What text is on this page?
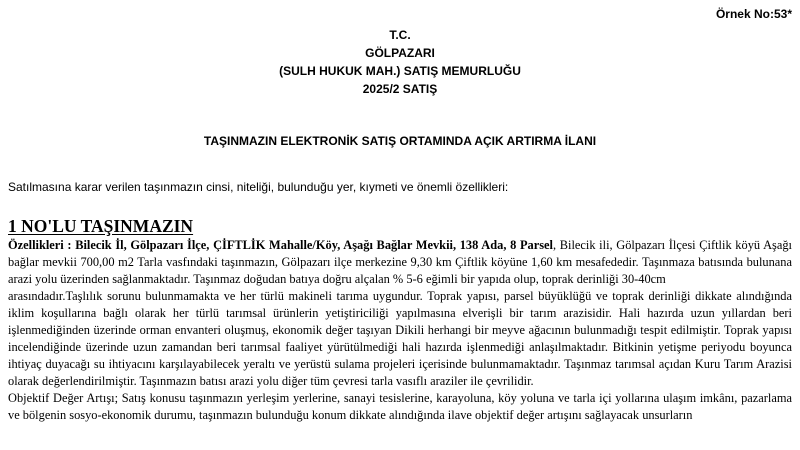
Örnek No:53*
T.C.
GÖLPAZARI
(SULH HUKUK MAH.) SATIŞ MEMURLUĞU
2025/2 SATIŞ
TAŞINMAZIN ELEKTRONİK SATIŞ ORTAMINDA AÇIK ARTIRMA İLANI
Satılmasına karar verilen taşınmazın cinsi, niteliği, bulunduğu yer, kıymeti ve önemli özellikleri:
1 NO'LU TAŞINMAZIN

Özellikleri : Bilecik İl, Gölpazarı İlçe, ÇİFTLİK Mahalle/Köy, Aşağı Bağlar Mevkii, 138 Ada, 8 Parsel, Bilecik ili, Gölpazarı İlçesi Çiftlik köyü Aşağı bağlar mevkii 700,00 m2 Tarla vasfındaki taşınmazın, Gölpazarı ilçe merkezine 9,30 km Çiftlik köyüne 1,60 km mesafededir. Taşınmaza batısında bulunana arazi yolu üzerinden sağlanmaktadır. Taşınmaz doğudan batıya doğru alçalan % 5-6 eğimli bir yapıda olup, toprak derinliği 30-40cm

arasındadır.Taşlılık sorunu bulunmamakta ve her türlü makineli tarıma uygundur. Toprak yapısı, parsel büyüklüğü ve toprak derinliği dikkate alındığında iklim koşullarına bağlı olarak her türlü tarımsal ürünlerin yetiştiriciliği yapılmasına elverişli bir tarım arazisidir. Hali hazırda uzun yıllardan beri işlenmediğinden üzerinde orman envanteri oluşmuş, ekonomik değer taşıyan Dikili herhangi bir meyve ağacının bulunmadığı tespit edilmiştir. Toprak yapısı incelendiğinde üzerinde uzun zamandan beri tarımsal faaliyet yürütülmediği hali hazırda işlenmediği anlaşılmaktadır. Bitkinin yetişme periyodu boyunca ihtiyaç duyacağı su ihtiyacını karşılayabilecek yeraltı ve yerüstü sulama projeleri içerisinde bulunmamaktadır. Taşınmaz tarımsal açıdan Kuru Tarım Arazisi olarak değerlendirilmiştir. Taşınmazın batısı arazi yolu diğer tüm çevresi tarla vasıflı araziler ile çevrilidir.

Objektif Değer Artışı; Satış konusu taşınmazın yerleşim yerlerine, sanayi tesislerine, karayoluna, köy yoluna ve tarla içi yollarına ulaşım imkânı, pazarlama ve bölgenin sosyo-ekonomik durumu, taşınmazın bulunduğu konum dikkate alındığında ilave objektif değer artışını sağlayacak unsurların
